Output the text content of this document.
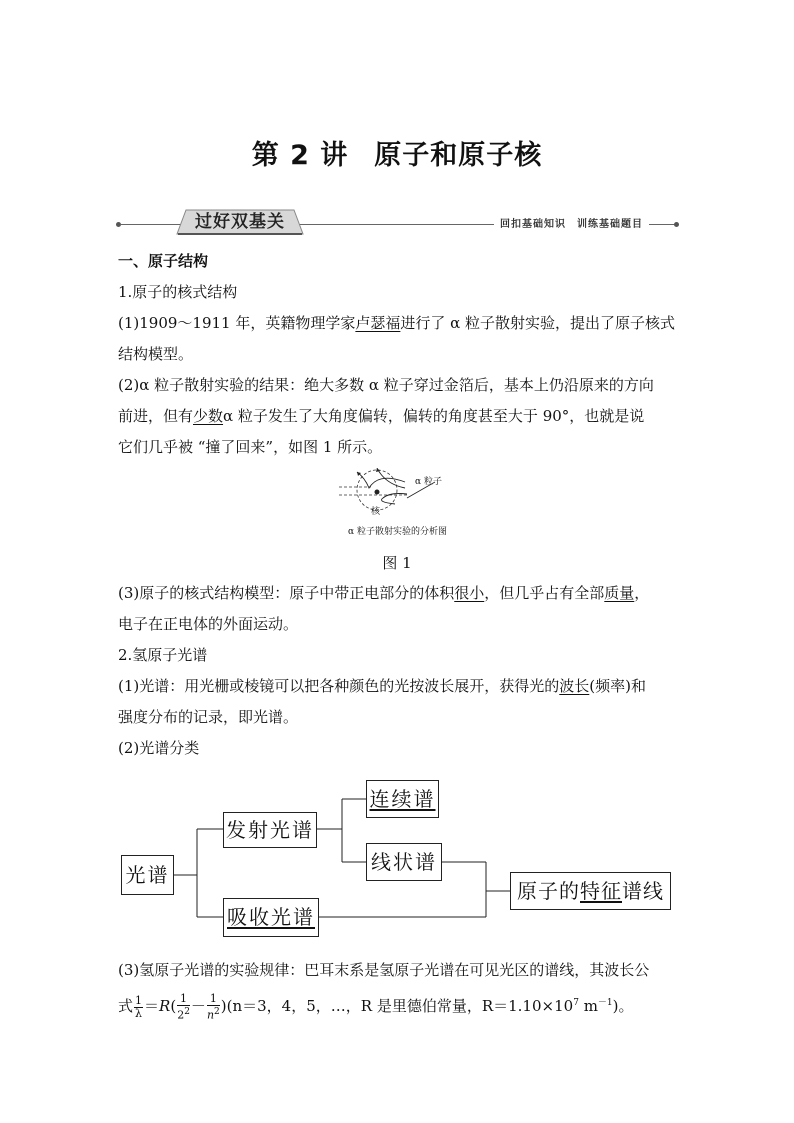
第 2 讲 原子和原子核
过好双基关	回扣基础知识　训练基础题目
一、原子结构
1.原子的核式结构
(1)1909～1911 年，英籍物理学家卢瑟福进行了 α 粒子散射实验，提出了原子核式
结构模型。
(2)α 粒子散射实验的结果：绝大多数 α 粒子穿过金箔后，基本上仍沿原来的方向
前进，但有少数α 粒子发生了大角度偏转，偏转的角度甚至大于 90°，也就是说
它们几乎被 “撞了回来”，如图 1 所示。
α 粒子
核
α 粒子散射实验的分析图
图 1
(3)原子的核式结构模型：原子中带正电部分的体积很小，但几乎占有全部质量，
电子在正电体的外面运动。
2.氢原子光谱
(1)光谱：用光栅或棱镜可以把各种颜色的光按波长展开，获得光的波长(频率)和
强度分布的记录，即光谱。
(2)光谱分类
光谱
发射光谱
吸收光谱
连续谱
线状谱
原子的特征谱线
(3)氢原子光谱的实验规律：巴耳末系是氢原子光谱在可见光区的谱线，其波长公
式 $\frac{1}{\lambda} =R( \frac{1}{2^2} - \frac{1}{n^2} )(n=3$，4，5，…，R 是里德伯常量，$R=1.10\times 10^7$ $m^{-1}$)。
